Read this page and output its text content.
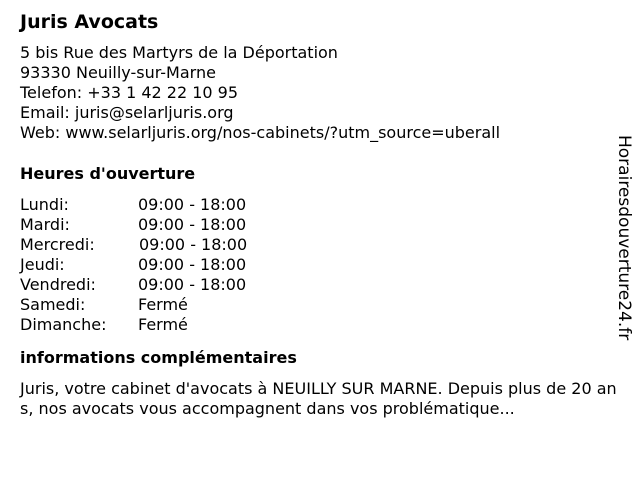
Juris Avocats
5 bis Rue des Martyrs de la Déportation
93330 Neuilly-sur-Marne
Telefon: +33 1 42 22 10 95
Email: juris@selarljuris.org
Web: www.selarljuris.org/nos-cabinets/?utm_source=uberall
Heures d'ouverture
Lundi:	09:00 - 18:00
Mardi:	09:00 - 18:00
Mercredi:	09:00 - 18:00
Jeudi:	09:00 - 18:00
Vendredi:	09:00 - 18:00
Samedi:	Fermé
Dimanche:	Fermé
informations complémentaires
Juris, votre cabinet d'avocats à NEUILLY SUR MARNE. Depuis plus de 20 ans, nos avocats vous accompagnent dans vos problématique...
Horairesdouverture24.fr
